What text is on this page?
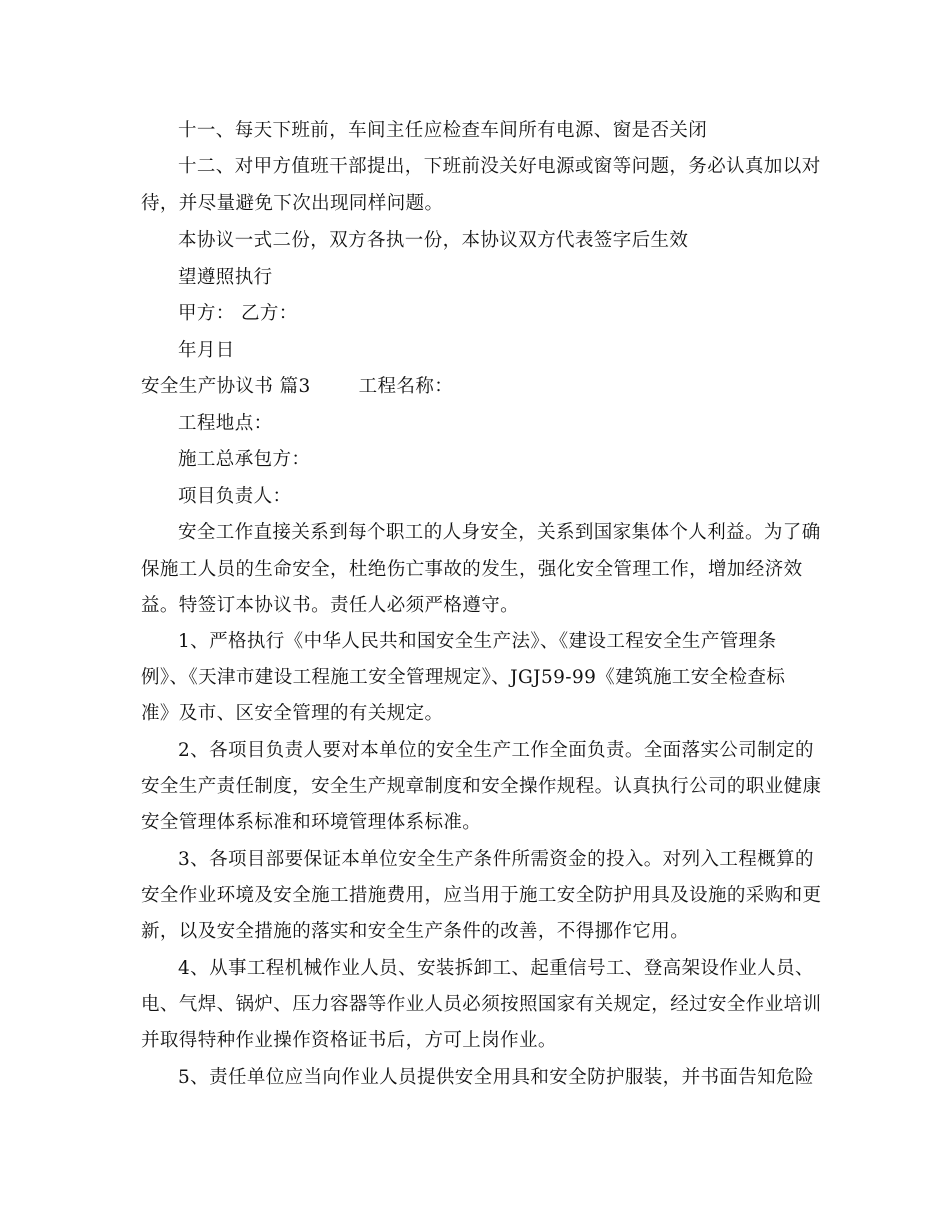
十一、每天下班前，车间主任应检查车间所有电源、窗是否关闭
十二、对甲方值班干部提出，下班前没关好电源或窗等问题，务必认真加以对
待，并尽量避免下次出现同样问题。
本协议一式二份，双方各执一份，本协议双方代表签字后生效
望遵照执行
甲方： 乙方：
年月日
安全生产协议书 篇3	工程名称：
工程地点：
施工总承包方：
项目负责人：
安全工作直接关系到每个职工的人身安全，关系到国家集体个人利益。为了确
保施工人员的生命安全，杜绝伤亡事故的发生，强化安全管理工作，增加经济效
益。特签订本协议书。责任人必须严格遵守。
1、严格执行《中华人民共和国安全生产法》、《建设工程安全生产管理条
例》、《天津市建设工程施工安全管理规定》、JGJ59-99《建筑施工安全检查标
准》及市、区安全管理的有关规定。
2、各项目负责人要对本单位的安全生产工作全面负责。全面落实公司制定的
安全生产责任制度，安全生产规章制度和安全操作规程。认真执行公司的职业健康
安全管理体系标准和环境管理体系标准。
3、各项目部要保证本单位安全生产条件所需资金的投入。对列入工程概算的
安全作业环境及安全施工措施费用，应当用于施工安全防护用具及设施的采购和更
新，以及安全措施的落实和安全生产条件的改善，不得挪作它用。
4、从事工程机械作业人员、安装拆卸工、起重信号工、登高架设作业人员、
电、气焊、锅炉、压力容器等作业人员必须按照国家有关规定，经过安全作业培训
并取得特种作业操作资格证书后，方可上岗作业。
5、责任单位应当向作业人员提供安全用具和安全防护服装，并书面告知危险
